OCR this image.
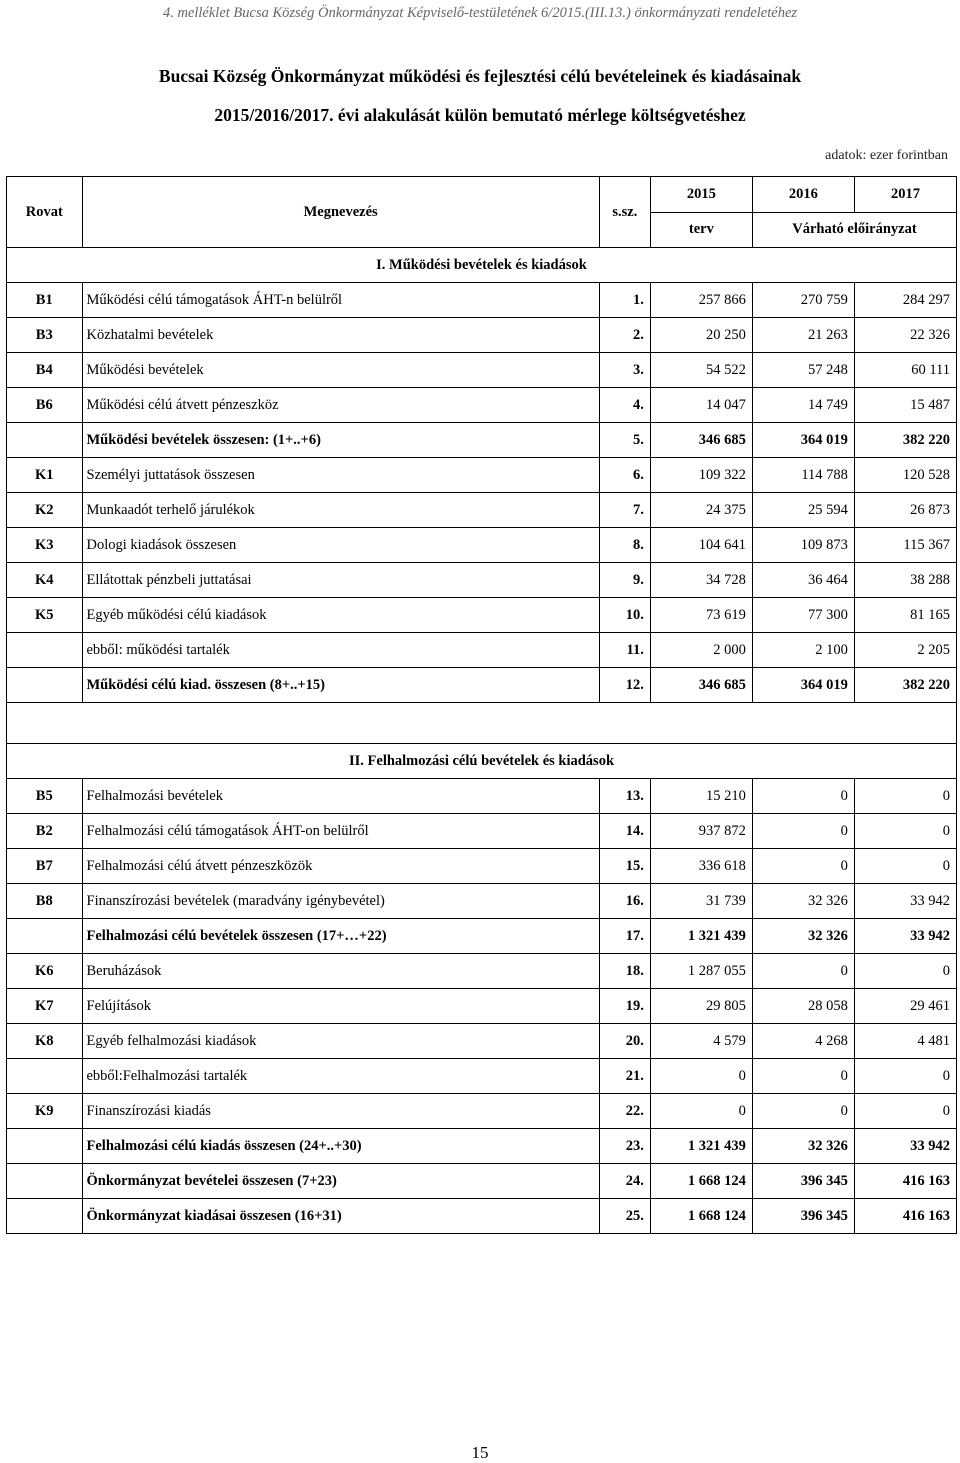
4. melléklet Bucsa Község Önkormányzat Képviselő-testületének 6/2015.(III.13.) önkormányzati rendeletéhez
Bucsai Község Önkormányzat működési és fejlesztési célú bevételeinek és kiadásainak
2015/2016/2017. évi alakulását külön bemutató mérlege költségvetéshez
adatok: ezer forintban
Rovat	Megnevezés	s.sz.	2015	2016	2017
			terv	Várható előirányzat	
I. Működési bevételek és kiadások					
B1	Működési célú támogatások ÁHT-n belülről	1.	257 866	270 759	284 297
B3	Közhatalmi bevételek	2.	20 250	21 263	22 326
B4	Működési bevételek	3.	54 522	57 248	60 111
B6	Működési célú átvett pénzeszköz	4.	14 047	14 749	15 487
	Működési bevételek összesen: (1+..+6)	5.	346 685	364 019	382 220
K1	Személyi juttatások összesen	6.	109 322	114 788	120 528
K2	Munkaadót terhelő járulékok	7.	24 375	25 594	26 873
K3	Dologi kiadások összesen	8.	104 641	109 873	115 367
K4	Ellátottak pénzbeli juttatásai	9.	34 728	36 464	38 288
K5	Egyéb működési célú kiadások	10.	73 619	77 300	81 165
	ebből: működési tartalék	11.	2 000	2 100	2 205
	Működési célú kiad. összesen (8+..+15)	12.	346 685	364 019	382 220

II. Felhalmozási célú bevételek és kiadások					
B5	Felhalmozási bevételek	13.	15 210	0	0
B2	Felhalmozási célú támogatások ÁHT-on belülről	14.	937 872	0	0
B7	Felhalmozási célú átvett pénzeszközök	15.	336 618	0	0
B8	Finanszírozási bevételek (maradvány igénybevétel)	16.	31 739	32 326	33 942
	Felhalmozási célú bevételek összesen (17+…+22)	17.	1 321 439	32 326	33 942
K6	Beruházások	18.	1 287 055	0	0
K7	Felújítások	19.	29 805	28 058	29 461
K8	Egyéb felhalmozási kiadások	20.	4 579	4 268	4 481
	ebből:Felhalmozási tartalék	21.	0	0	0
K9	Finanszírozási kiadás	22.	0	0	0
	Felhalmozási célú kiadás összesen (24+..+30)	23.	1 321 439	32 326	33 942
	Önkormányzat bevételei összesen (7+23)	24.	1 668 124	396 345	416 163
	Önkormányzat kiadásai összesen (16+31)	25.	1 668 124	396 345	416 163
15
